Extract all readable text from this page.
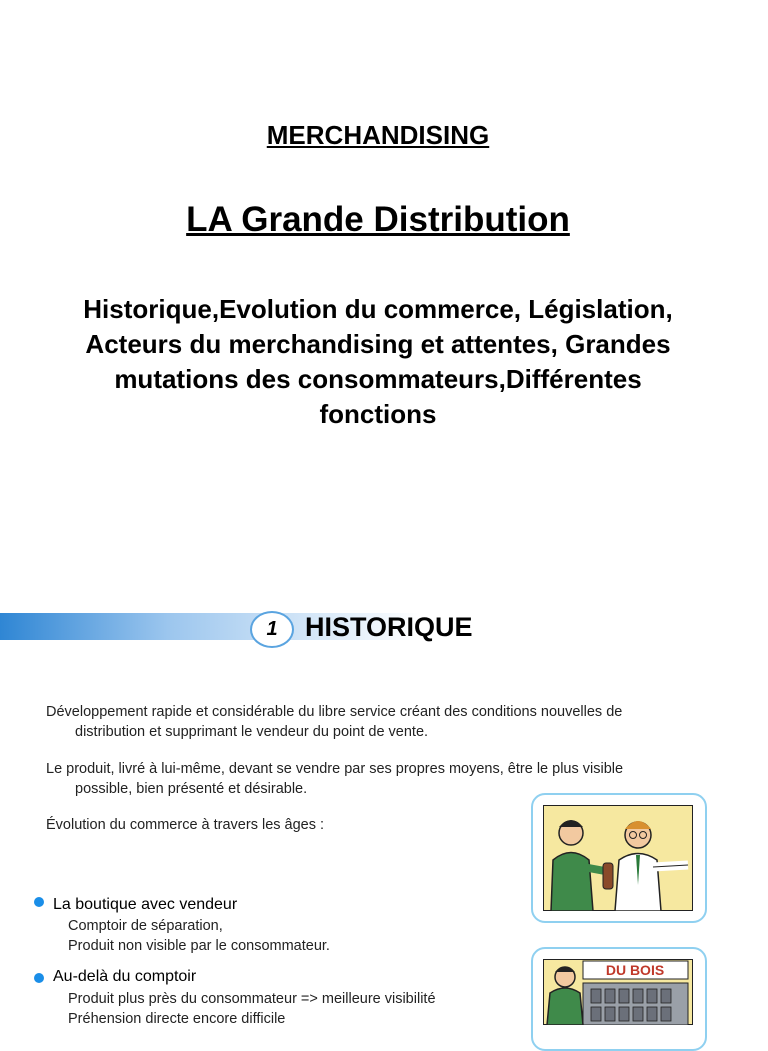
MERCHANDISING
LA Grande Distribution
Historique,Evolution du commerce, Législation, Acteurs du merchandising et attentes, Grandes mutations des consommateurs,Différentes fonctions
1	HISTORIQUE
Développement rapide et considérable du libre service créant des conditions nouvelles de
distribution et supprimant le vendeur du point de vente.
Le produit, livré à lui-même, devant se vendre par ses propres moyens, être le plus visible
possible, bien présenté et désirable.
Évolution du commerce à travers les âges :
La boutique avec vendeur
Comptoir de séparation,
Produit non visible par le consommateur.
Au-delà du comptoir
Produit plus près du consommateur => meilleure visibilité
Préhension directe encore difficile
DU BOIS
